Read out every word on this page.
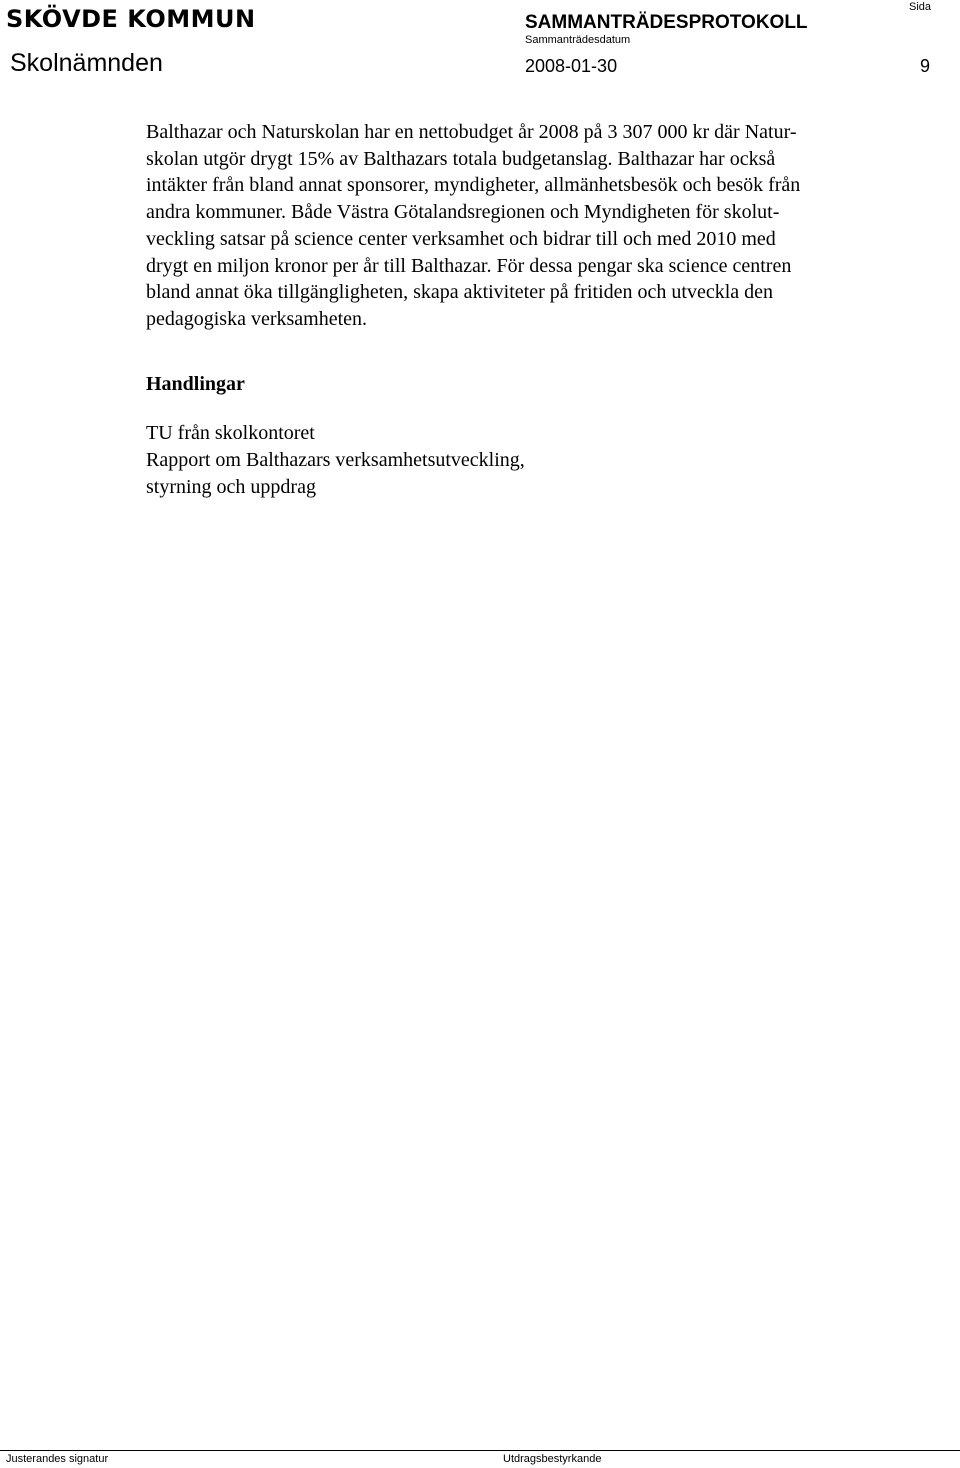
SKÖVDE KOMMUN
Skolnämnden
SAMMANTRÄDESPROTOKOLL
Sammanträdesdatum
2008-01-30
Sida
9
Balthazar och Naturskolan har en nettobudget år 2008 på 3 307 000 kr där Natur-
skolan utgör drygt 15% av Balthazars totala budgetanslag. Balthazar har också
intäkter från bland annat sponsorer, myndigheter, allmänhetsbesök och besök från
andra kommuner. Både Västra Götalandsregionen och Myndigheten för skolut-
veckling satsar på science center verksamhet och bidrar till och med 2010 med
drygt en miljon kronor per år till Balthazar. För dessa pengar ska science centren
bland annat öka tillgängligheten, skapa aktiviteter på fritiden och utveckla den
pedagogiska verksamheten.
Handlingar
TU från skolkontoret
Rapport om Balthazars verksamhetsutveckling,
styrning och uppdrag
Justerandes signatur	Utdragsbestyrkande
